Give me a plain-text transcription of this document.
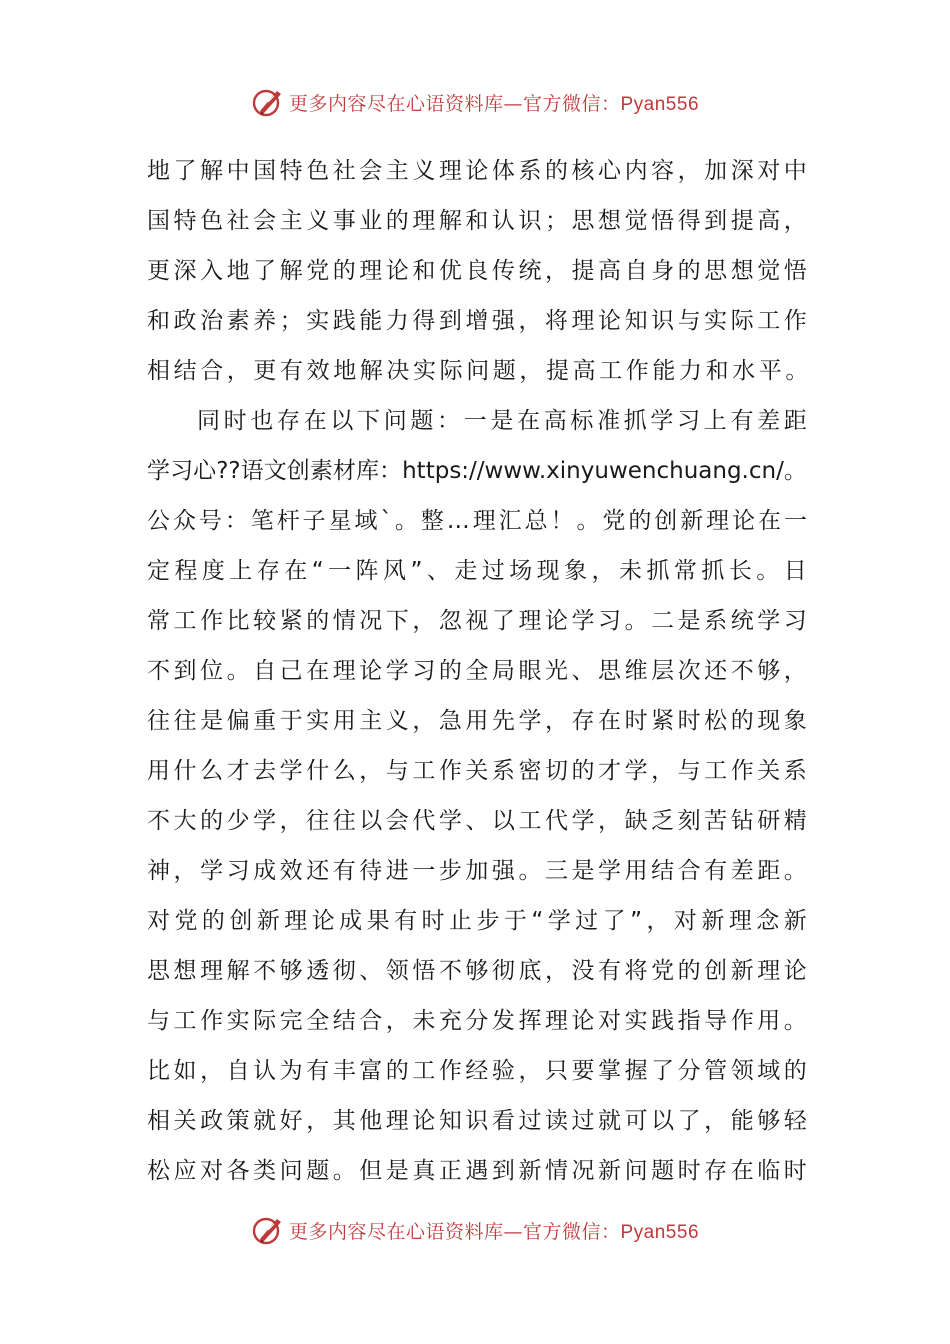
更多内容尽在心语资料库—官方微信：Pyan556
地 了 解 中 国 特 色 社 会 主 义 理 论 体 系 的 核 心 内 容 ， 加 深 对 中
国 特 色 社 会 主 义 事 业 的 理 解 和 认 识 ； 思 想 觉 悟 得 到 提 高 ，
更 深 入 地 了 解 党 的 理 论 和 优 良 传 统 ， 提 高 自 身 的 思 想 觉 悟
和 政 治 素 养 ； 实 践 能 力 得 到 增 强 ， 将 理 论 知 识 与 实 际 工 作
相结合，更有效地解决实际问题，提高工作能力和水平。
同 时 也 存 在 以 下 问 题 ： 一 是 在 高 标 准 抓 学 习 上 有 差 距
学 习 心 ?? 语 文 创 素 材 库 ： https://www.xinyuwenchuang.cn/ 。
公 众 号 ： 笔 杆 子 星 域 ` 。 整 … 理 汇 总 ！ 。 党 的 创 新 理 论 在 一
定 程 度 上 存 在 “ 一 阵 风 ” 、 走 过 场 现 象 ， 未 抓 常 抓 长 。 日
常 工 作 比 较 紧 的 情 况 下 ， 忽 视 了 理 论 学 习 。 二 是 系 统 学 习
不 到 位 。 自 己 在 理 论 学 习 的 全 局 眼 光 、 思 维 层 次 还 不 够 ，
往 往 是 偏 重 于 实 用 主 义 ， 急 用 先 学 ， 存 在 时 紧 时 松 的 现 象
用 什 么 才 去 学 什 么 ， 与 工 作 关 系 密 切 的 才 学 ， 与 工 作 关 系
不 大 的 少 学 ， 往 往 以 会 代 学 、 以 工 代 学 ， 缺 乏 刻 苦 钻 研 精
神 ， 学 习 成 效 还 有 待 进 一 步 加 强 。 三 是 学 用 结 合 有 差 距 。
对 党 的 创 新 理 论 成 果 有 时 止 步 于 “ 学 过 了 ” ， 对 新 理 念 新
思 想 理 解 不 够 透 彻 、 领 悟 不 够 彻 底 ， 没 有 将 党 的 创 新 理 论
与 工 作 实 际 完 全 结 合 ， 未 充 分 发 挥 理 论 对 实 践 指 导 作 用 。
比 如 ， 自 认 为 有 丰 富 的 工 作 经 验 ， 只 要 掌 握 了 分 管 领 域 的
相 关 政 策 就 好 ， 其 他 理 论 知 识 看 过 读 过 就 可 以 了 ， 能 够 轻
松 应 对 各 类 问 题 。 但 是 真 正 遇 到 新 情 况 新 问 题 时 存 在 临 时
更多内容尽在心语资料库—官方微信：Pyan556
